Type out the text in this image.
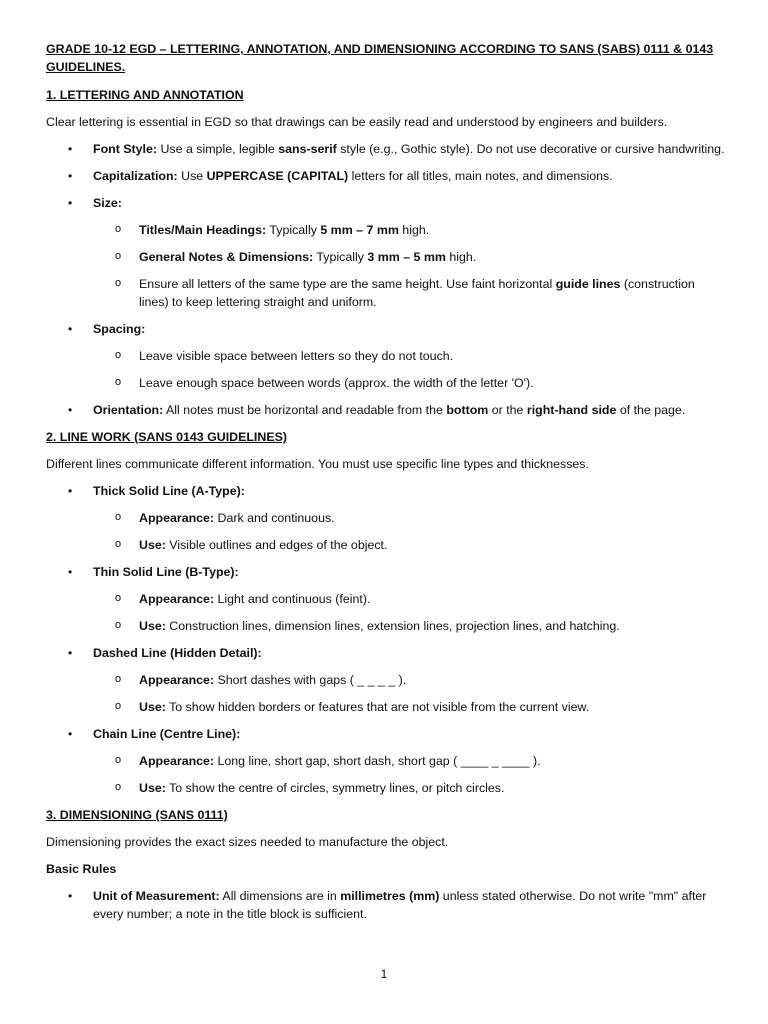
GRADE 10-12 EGD – LETTERING, ANNOTATION, AND DIMENSIONING ACCORDING TO SANS (SABS) 0111 & 0143 GUIDELINES.

1. LETTERING AND ANNOTATION

Clear lettering is essential in EGD so that drawings can be easily read and understood by engineers and builders.

• Font Style: Use a simple, legible sans-serif style (e.g., Gothic style). Do not use decorative or cursive handwriting.
• Capitalization: Use UPPERCASE (CAPITAL) letters for all titles, main notes, and dimensions.
• Size:
o Titles/Main Headings: Typically 5 mm – 7 mm high.
o General Notes & Dimensions: Typically 3 mm – 5 mm high.
o Ensure all letters of the same type are the same height. Use faint horizontal guide lines (construction lines) to keep lettering straight and uniform.
• Spacing:
o Leave visible space between letters so they do not touch.
o Leave enough space between words (approx. the width of the letter 'O').
• Orientation: All notes must be horizontal and readable from the bottom or the right-hand side of the page.

2. LINE WORK (SANS 0143 GUIDELINES)

Different lines communicate different information. You must use specific line types and thicknesses.

• Thick Solid Line (A-Type):
o Appearance: Dark and continuous.
o Use: Visible outlines and edges of the object.
• Thin Solid Line (B-Type):
o Appearance: Light and continuous (feint).
o Use: Construction lines, dimension lines, extension lines, projection lines, and hatching.
• Dashed Line (Hidden Detail):
o Appearance: Short dashes with gaps ( _ _ _ _ ).
o Use: To show hidden borders or features that are not visible from the current view.
• Chain Line (Centre Line):
o Appearance: Long line, short gap, short dash, short gap ( ____ _ ____ ).
o Use: To show the centre of circles, symmetry lines, or pitch circles.

3. DIMENSIONING (SANS 0111)

Dimensioning provides the exact sizes needed to manufacture the object.

Basic Rules

• Unit of Measurement: All dimensions are in millimetres (mm) unless stated otherwise. Do not write "mm" after every number; a note in the title block is sufficient.
1
